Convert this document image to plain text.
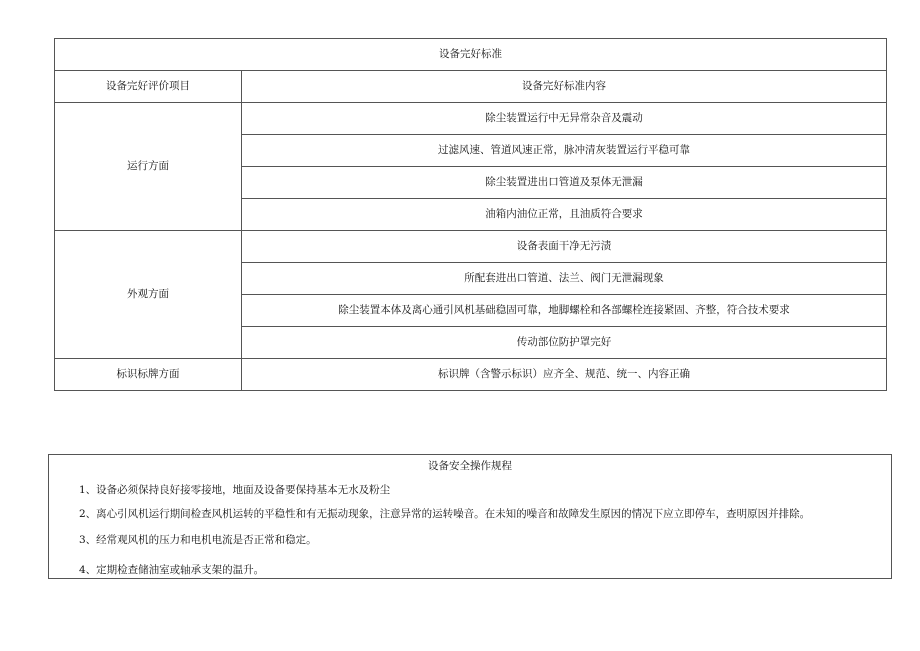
设备完好标准	
设备完好评价项目	设备完好标准内容
运行方面	除尘装置运行中无异常杂音及震动
	过滤风速、管道风速正常，脉冲清灰装置运行平稳可靠
	除尘装置进出口管道及泵体无泄漏
	油箱内油位正常，且油质符合要求
外观方面	设备表面干净无污渍
	所配套进出口管道、法兰、阀门无泄漏现象
	除尘装置本体及离心通引风机基础稳固可靠，地脚螺栓和各部螺栓连接紧固、齐整，符合技术要求
	传动部位防护罩完好
标识标牌方面	标识牌（含警示标识）应齐全、规范、统一、内容正确
设备安全操作规程
1、设备必须保持良好接零接地，地面及设备要保持基本无水及粉尘
2、离心引风机运行期间检查风机运转的平稳性和有无振动现象，注意异常的运转噪音。在未知的噪音和故障发生原因的情况下应立即停车，查明原因并排除。
3、经常观风机的压力和电机电流是否正常和稳定。
4、定期检查储油室或轴承支架的温升。
